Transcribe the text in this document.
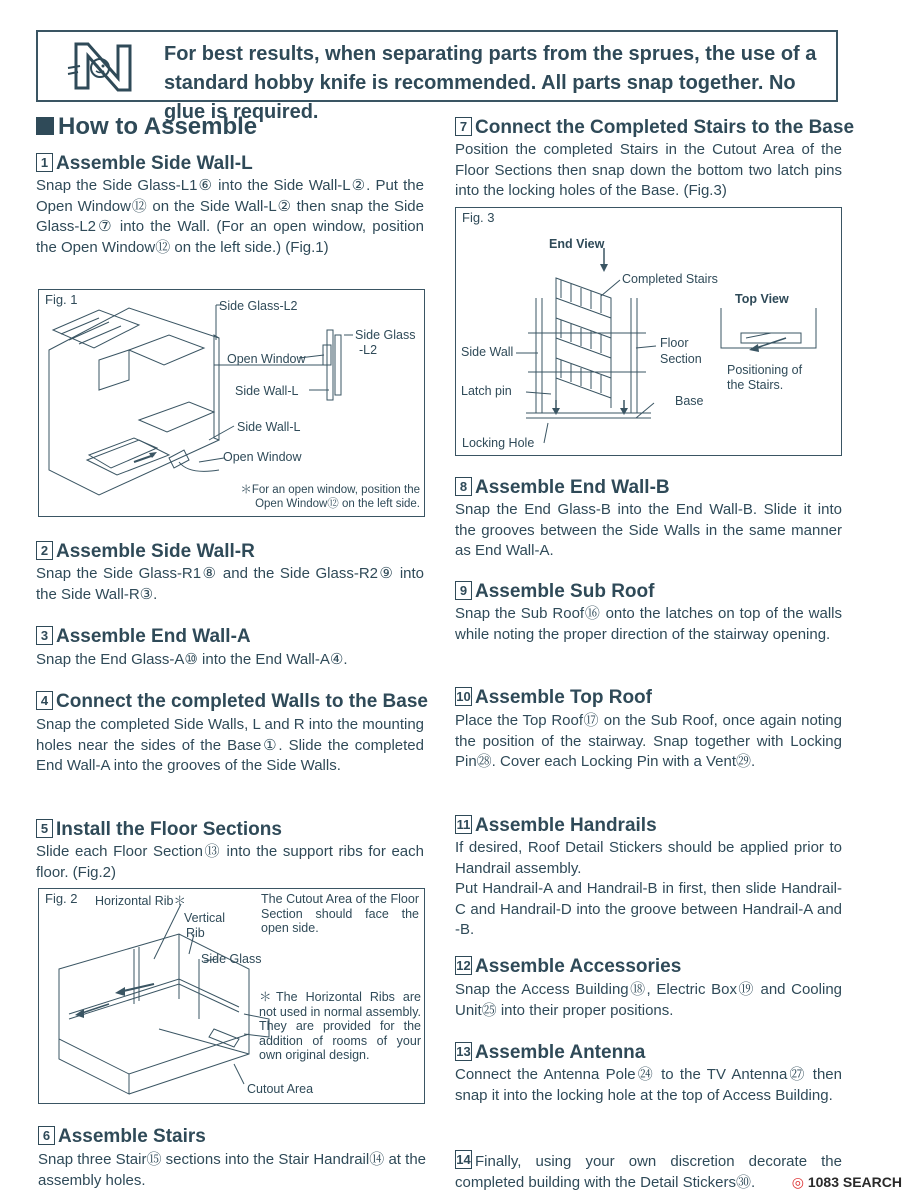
For best results, when separating parts from the sprues, the use of a standard hobby knife is recommended. All parts snap together. No glue is required.
How to Assemble
1 Assemble Side Wall-L
Snap the Side Glass-L1⑥ into the Side Wall-L②. Put the Open Window⑫ on the Side Wall-L② then snap the Side Glass-L2⑦ into the Wall. (For an open window, position the Open Window⑫ on the left side.) (Fig.1)
Fig. 1	Side Glass-L2
Side Glass
-L2
Open Window
Side Wall-L
Side Wall-L
Open Window
＊For an open window, position the Open Window⑫ on the left side.
2 Assemble Side Wall-R
Snap the Side Glass-R1⑧ and the Side Glass-R2⑨ into the Side Wall-R③.
3 Assemble End Wall-A
Snap the End Glass-A⑩ into the End Wall-A④.
4 Connect the completed Walls to the Base
Snap the completed Side Walls, L and R into the mounting holes near the sides of the Base①. Slide the completed End Wall-A into the grooves of the Side Walls.
5 Install the Floor Sections
Slide each Floor Section⑬ into the support ribs for each floor. (Fig.2)
Fig. 2 Horizontal Rib＊
Vertical
Rib
Side Glass
Cutout Area
The Cutout Area of the Floor Section should face the open side.
＊The Horizontal Ribs are not used in normal assembly. They are provided for the addition of rooms of your own original design.
6 Assemble Stairs
Snap three Stair⑮ sections into the Stair Handrail⑭ at the assembly holes.
7 Connect the Completed Stairs to the Base
Position the completed Stairs in the Cutout Area of the Floor Sections then snap down the bottom two latch pins into the locking holes of the Base. (Fig.3)
Fig. 3
End View
Top View
Completed Stairs
Side Wall
Floor
Section
Latch pin
Base
Locking Hole
Positioning of
the Stairs.
8 Assemble End Wall-B
Snap the End Glass-B into the End Wall-B. Slide it into the grooves between the Side Walls in the same manner as End Wall-A.
9 Assemble Sub Roof
Snap the Sub Roof⑯ onto the latches on top of the walls while noting the proper direction of the stairway opening.
10 Assemble Top Roof
Place the Top Roof⑰ on the Sub Roof, once again noting the position of the stairway. Snap together with Locking Pin㉘. Cover each Locking Pin with a Vent㉙.
11 Assemble Handrails
If desired, Roof Detail Stickers should be applied prior to Handrail assembly.
Put Handrail-A and Handrail-B in first, then slide Handrail-C and Handrail-D into the groove between Handrail-A and -B.
12 Assemble Accessories
Snap the Access Building⑱, Electric Box⑲ and Cooling Unit㉕ into their proper positions.
13 Assemble Antenna
Connect the Antenna Pole㉔ to the TV Antenna㉗ then snap it into the locking hole at the top of Access Building.
14 Finally, using your own discretion decorate the completed building with the Detail Stickers㉚.	◎ 1083 SEARCH
